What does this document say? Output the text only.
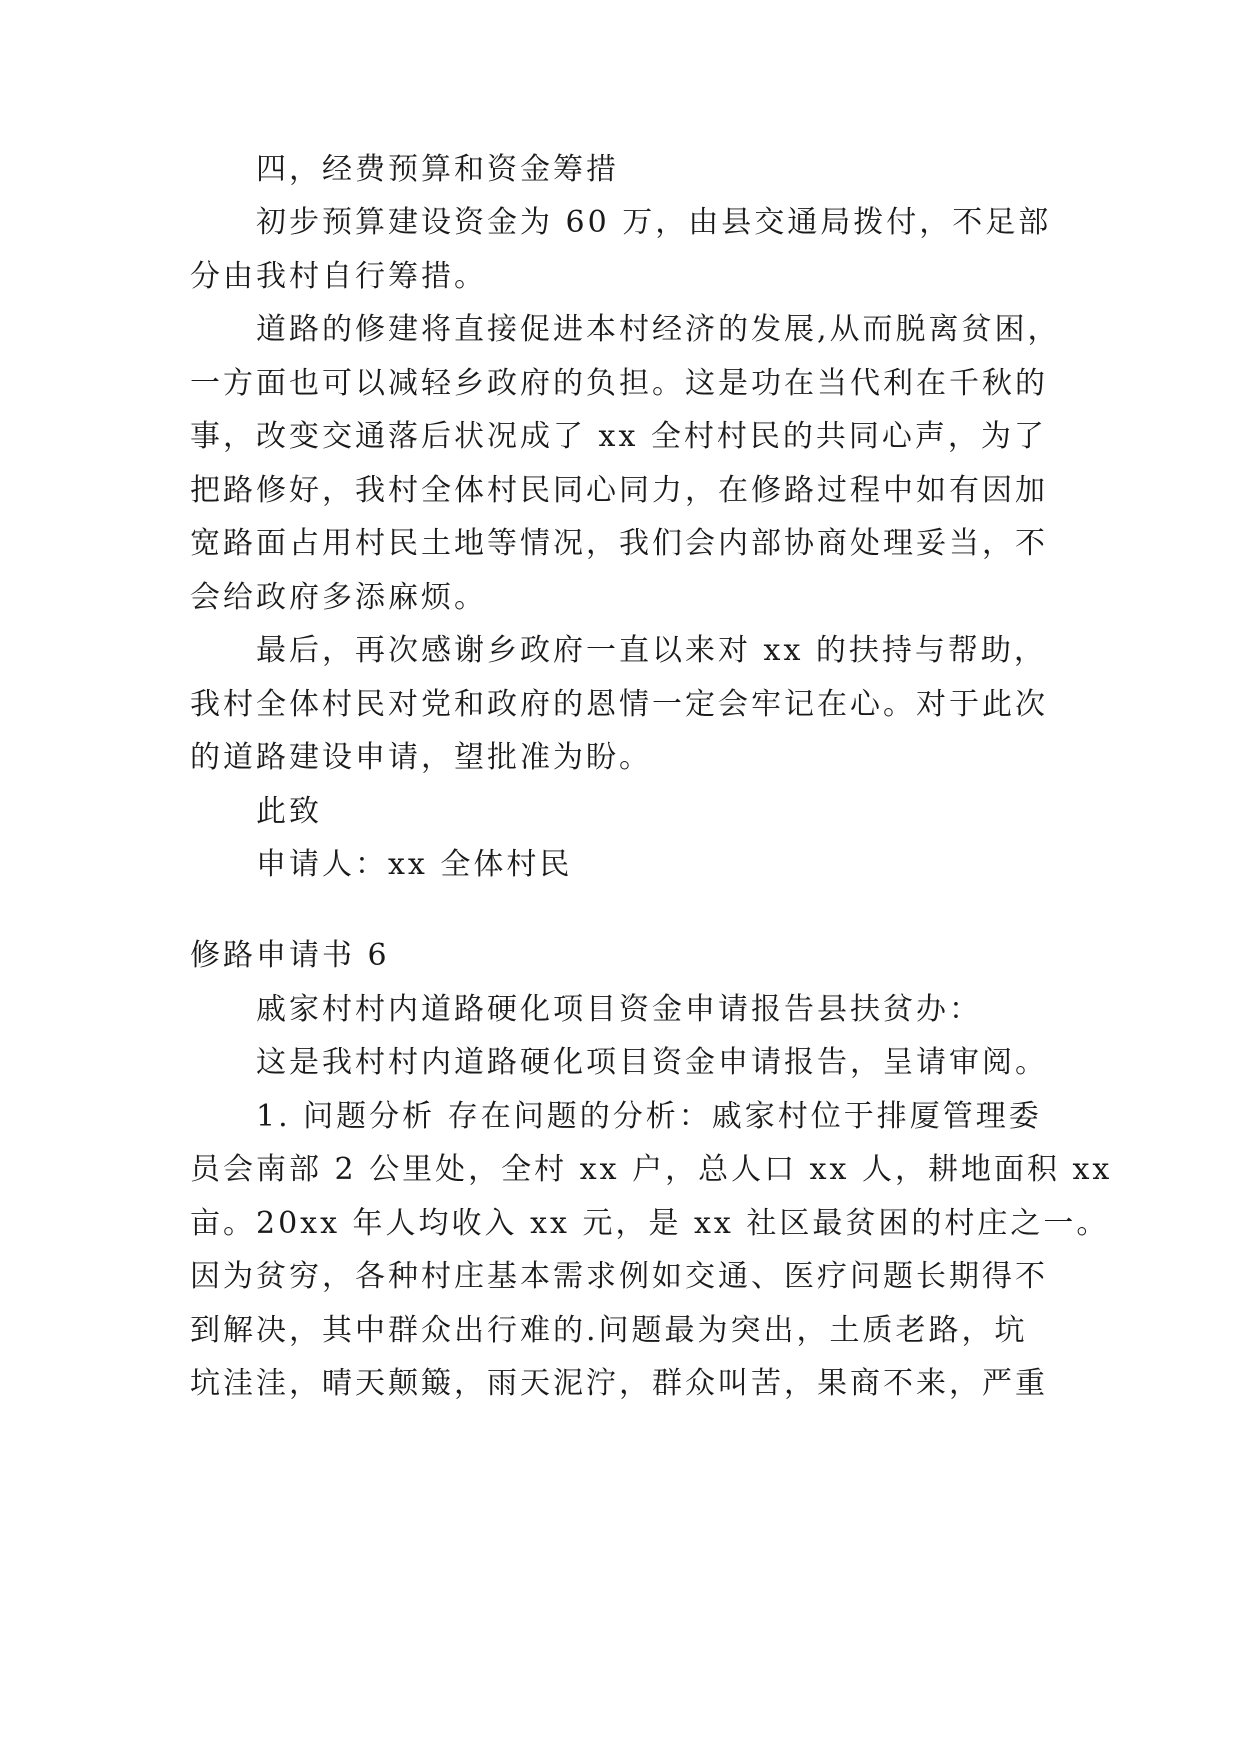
四，经费预算和资金筹措
初步预算建设资金为 60 万，由县交通局拨付，不足部
分由我村自行筹措。
道路的修建将直接促进本村经济的发展,从而脱离贫困，
一方面也可以减轻乡政府的负担。这是功在当代利在千秋的
事，改变交通落后状况成了 xx 全村村民的共同心声，为了
把路修好，我村全体村民同心同力，在修路过程中如有因加
宽路面占用村民土地等情况，我们会内部协商处理妥当，不
会给政府多添麻烦。
最后，再次感谢乡政府一直以来对 xx 的扶持与帮助，
我村全体村民对党和政府的恩情一定会牢记在心。对于此次
的道路建设申请，望批准为盼。
此致
申请人：xx 全体村民
修路申请书 6
戚家村村内道路硬化项目资金申请报告县扶贫办：
这是我村村内道路硬化项目资金申请报告，呈请审阅。
1. 问题分析 存在问题的分析：戚家村位于排厦管理委
员会南部 2 公里处，全村 xx 户，总人口 xx 人，耕地面积 xx
亩。20xx 年人均收入 xx 元，是 xx 社区最贫困的村庄之一。
因为贫穷，各种村庄基本需求例如交通、医疗问题长期得不
到解决，其中群众出行难的.问题最为突出，土质老路，坑
坑洼洼，晴天颠簸，雨天泥泞，群众叫苦，果商不来，严重
